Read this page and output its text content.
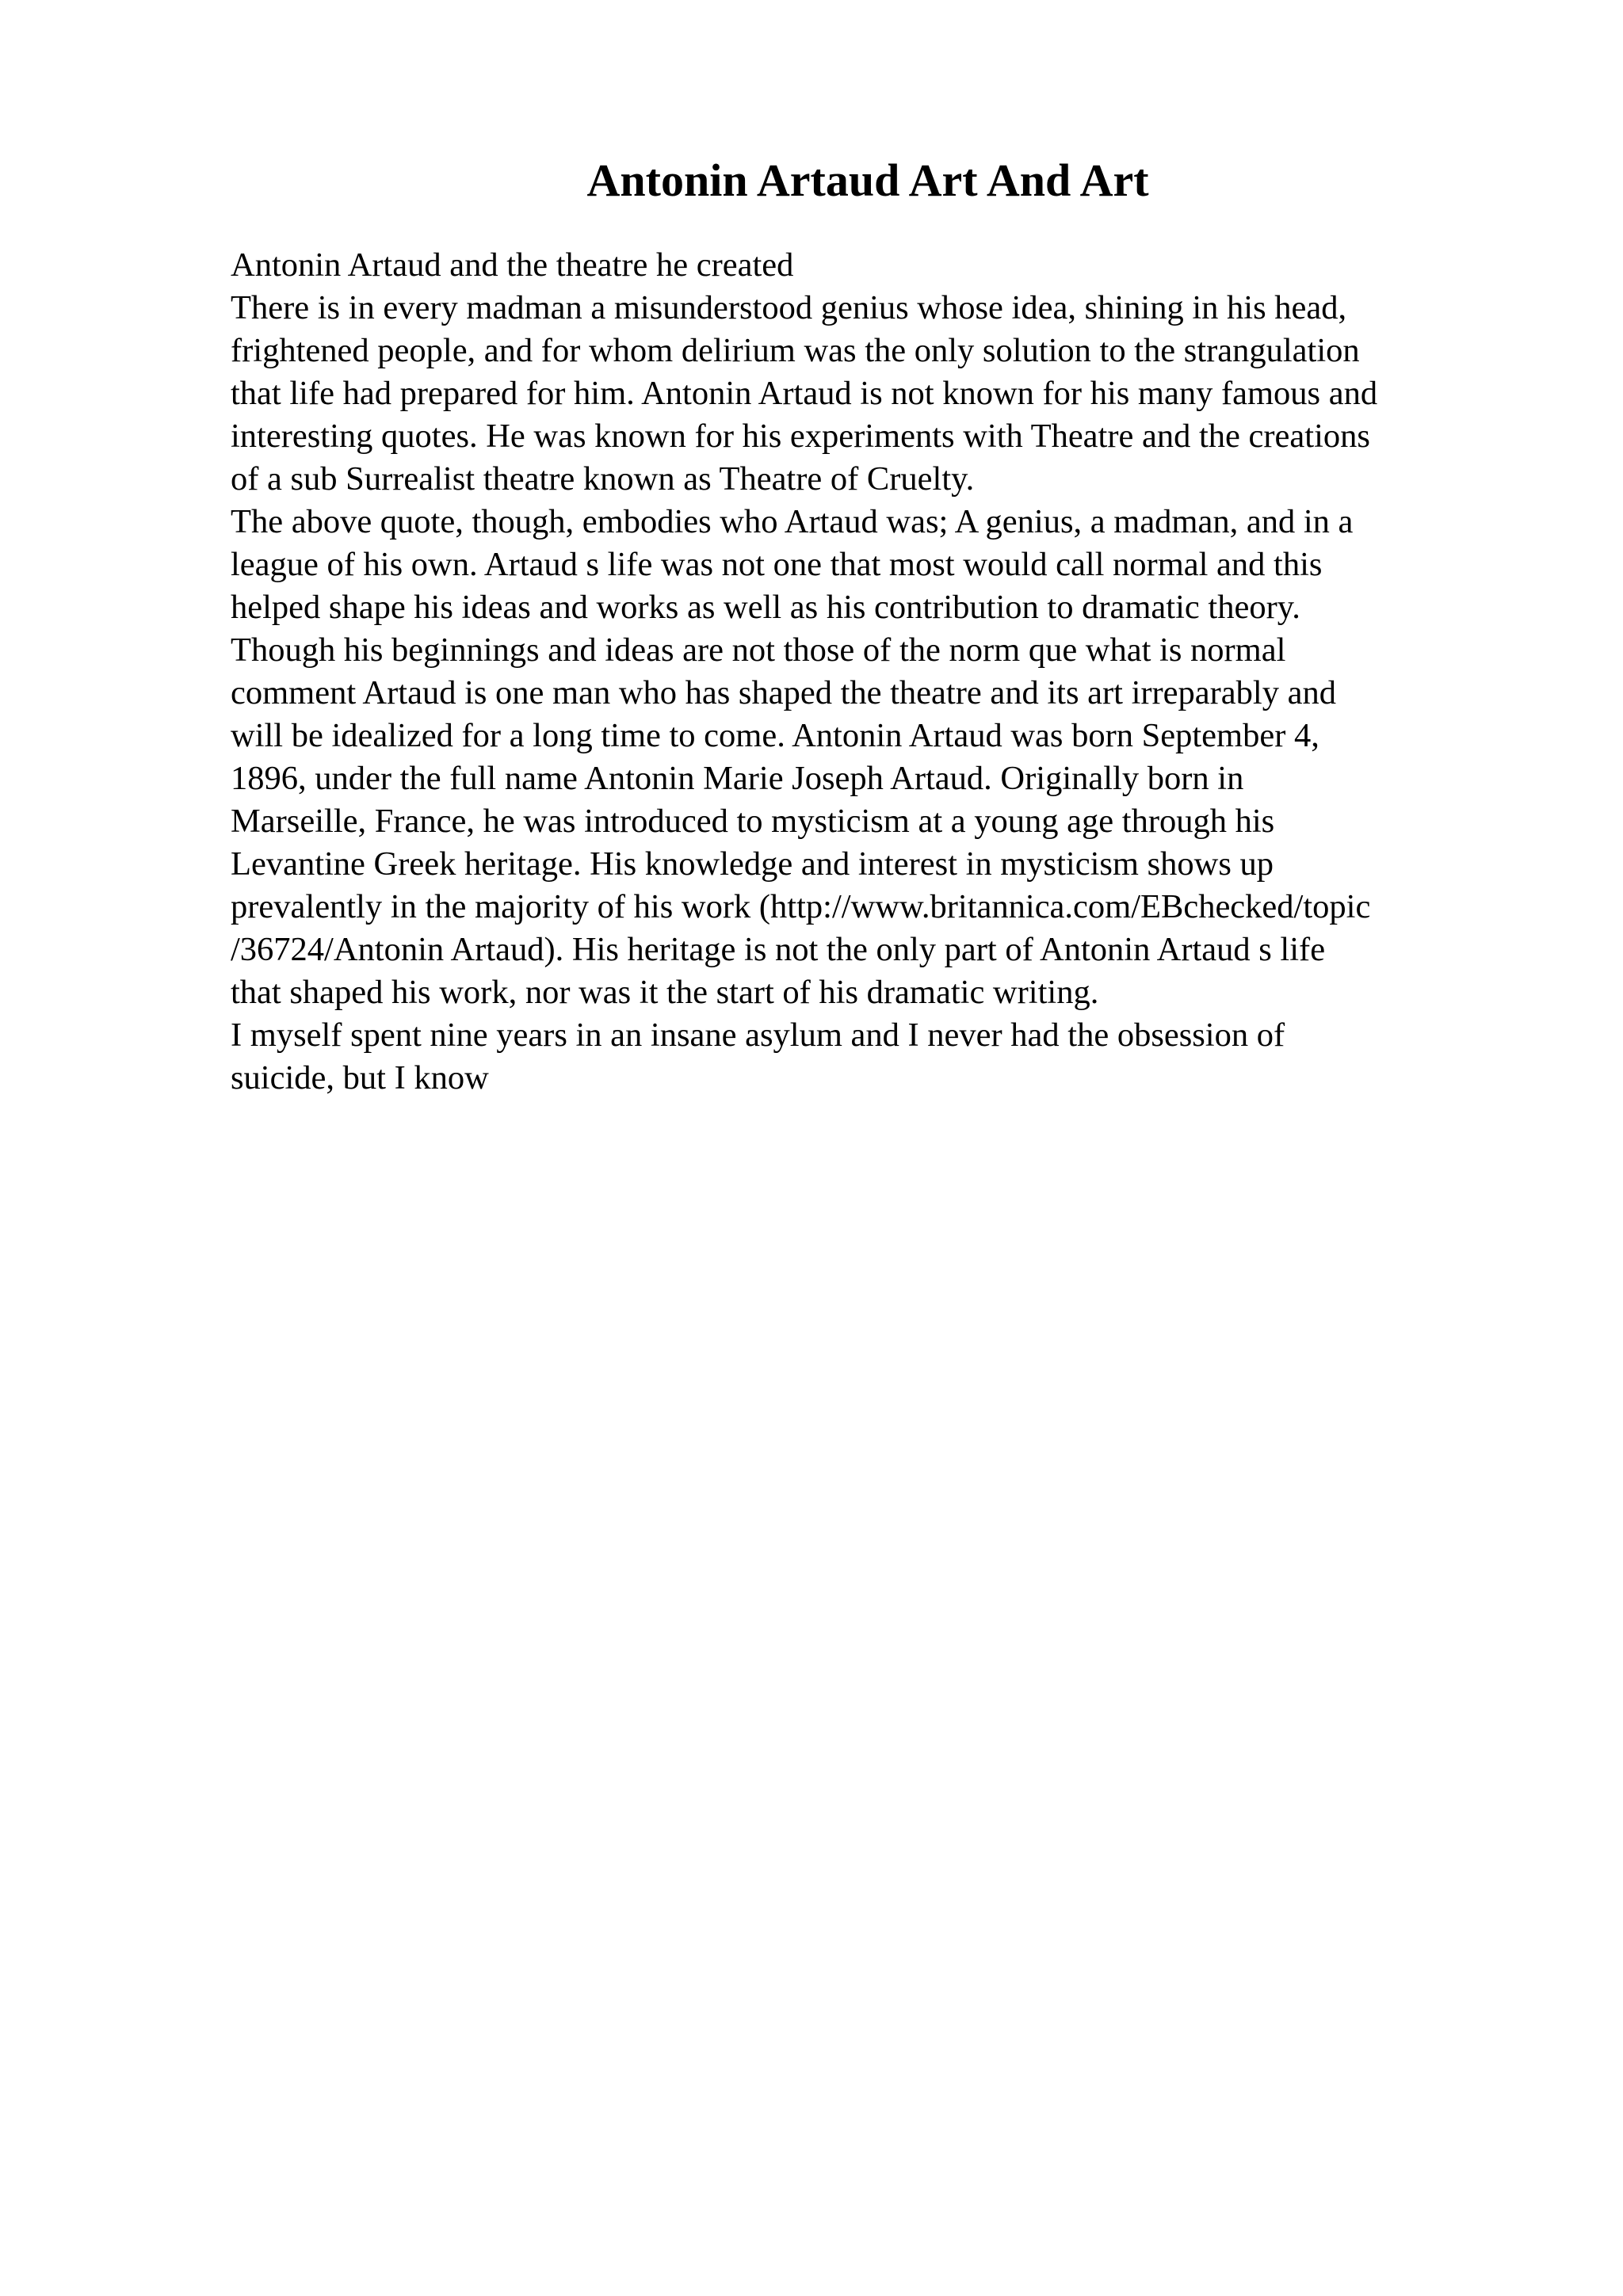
Antonin Artaud Art And Art
Antonin Artaud and the theatre he created
There is in every madman a misunderstood genius whose idea, shining in his head,
frightened people, and for whom delirium was the only solution to the strangulation
that life had prepared for him. Antonin Artaud is not known for his many famous and
interesting quotes. He was known for his experiments with Theatre and the creations
of a sub Surrealist theatre known as Theatre of Cruelty.
The above quote, though, embodies who Artaud was; A genius, a madman, and in a
league of his own. Artaud s life was not one that most would call normal and this
helped shape his ideas and works as well as his contribution to dramatic theory.
Though his beginnings and ideas are not those of the norm que what is normal
comment Artaud is one man who has shaped the theatre and its art irreparably and
will be idealized for a long time to come. Antonin Artaud was born September 4,
1896, under the full name Antonin Marie Joseph Artaud. Originally born in
Marseille, France, he was introduced to mysticism at a young age through his
Levantine Greek heritage. His knowledge and interest in mysticism shows up
prevalently in the majority of his work (http://www.britannica.com/EBchecked/topic
/36724/Antonin Artaud). His heritage is not the only part of Antonin Artaud s life
that shaped his work, nor was it the start of his dramatic writing.
I myself spent nine years in an insane asylum and I never had the obsession of
suicide, but I know
